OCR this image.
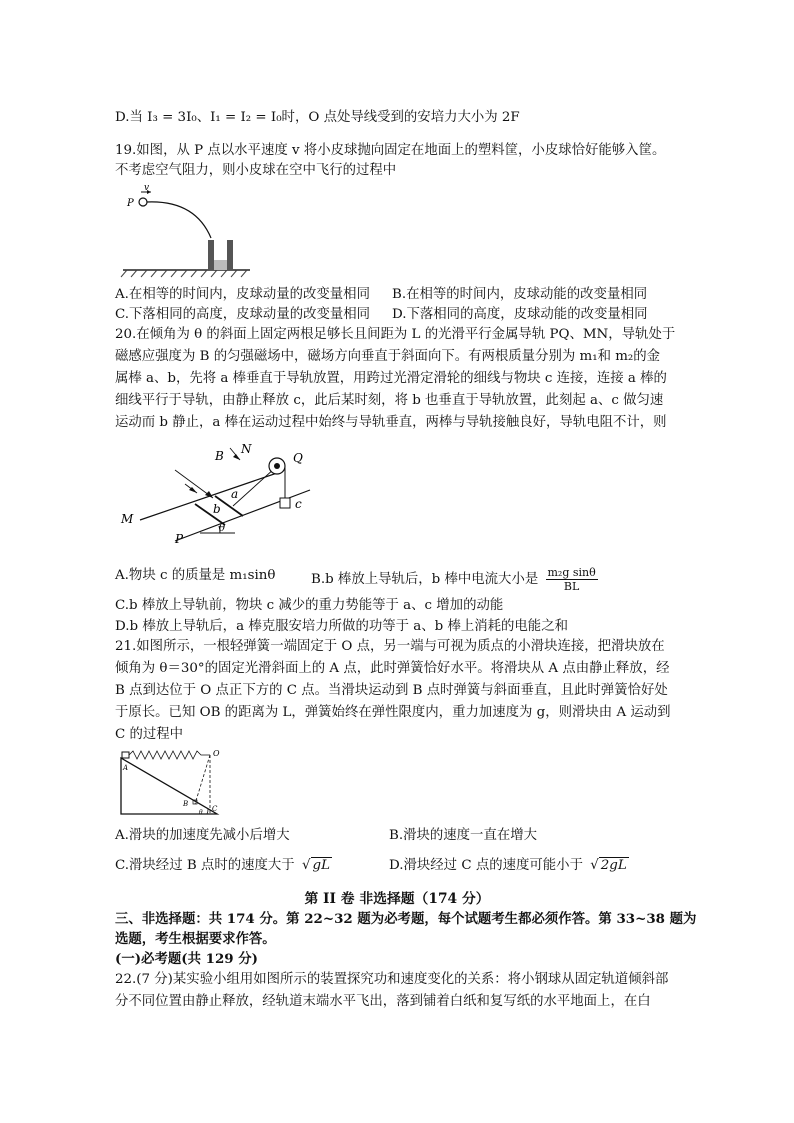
D.当 I₃ = 3I₀、I₁ = I₂ = I₀时，O 点处导线受到的安培力大小为 2F
19.如图，从 P 点以水平速度 v 将小皮球抛向固定在地面上的塑料筐，小皮球恰好能够入筐。
不考虑空气阻力，则小皮球在空中飞行的过程中
v
P
A.在相等的时间内，皮球动量的改变量相同 B.在相等的时间内，皮球动能的改变量相同
C.下落相同的高度，皮球动量的改变量相同 D.下落相同的高度，皮球动能的改变量相同
20.在倾角为 θ 的斜面上固定两根足够长且间距为 L 的光滑平行金属导轨 PQ、MN，导轨处于
磁感应强度为 B 的匀强磁场中，磁场方向垂直于斜面向下。有两根质量分别为 m₁和 m₂的金
属棒 a、b，先将 a 棒垂直于导轨放置，用跨过光滑定滑轮的细线与物块 c 连接，连接 a 棒的
细线平行于导轨，由静止释放 c，此后某时刻，将 b 也垂直于导轨放置，此刻起 a、c 做匀速
运动而 b 静止，a 棒在运动过程中始终与导轨垂直，两棒与导轨接触良好，导轨电阻不计，则
B N
Q
a
b	c
M
P
θ
A.物块 c 的质量是 m₁sinθ	B.b 棒放上导轨后，b 棒中电流大小是 $\frac{\text{m₂g sinθ}}{BL}$
C.b 棒放上导轨前，物块 c 减少的重力势能等于 a、c 增加的动能
D.b 棒放上导轨后，a 棒克服安培力所做的功等于 a、b 棒上消耗的电能之和
21.如图所示，一根轻弹簧一端固定于 O 点，另一端与可视为质点的小滑块连接，把滑块放在
倾角为 θ＝30°的固定光滑斜面上的 A 点，此时弹簧恰好水平。将滑块从 A 点由静止释放，经
B 点到达位于 O 点正下方的 C 点。当滑块运动到 B 点时弹簧与斜面垂直，且此时弹簧恰好处
于原长。已知 OB 的距离为 L，弹簧始终在弹性限度内，重力加速度为 g，则滑块由 A 运动到
C 的过程中
A
O
B
C
θ
A.滑块的加速度先减小后增大	B.滑块的速度一直在增大
C.滑块经过 B 点时的速度大于 √ gL	D.滑块经过 C 点的速度可能小于 √ 2gL
第 II 卷 非选择题（174 分）
三、非选择题：共 174 分。第 22~32 题为必考题，每个试题考生都必须作答。第 33~38 题为
选题，考生根据要求作答。
(一)必考题(共 129 分)
22.(7 分)某实验小组用如图所示的装置探究功和速度变化的关系：将小钢球从固定轨道倾斜部
分不同位置由静止释放，经轨道末端水平飞出，落到铺着白纸和复写纸的水平地面上，在白
